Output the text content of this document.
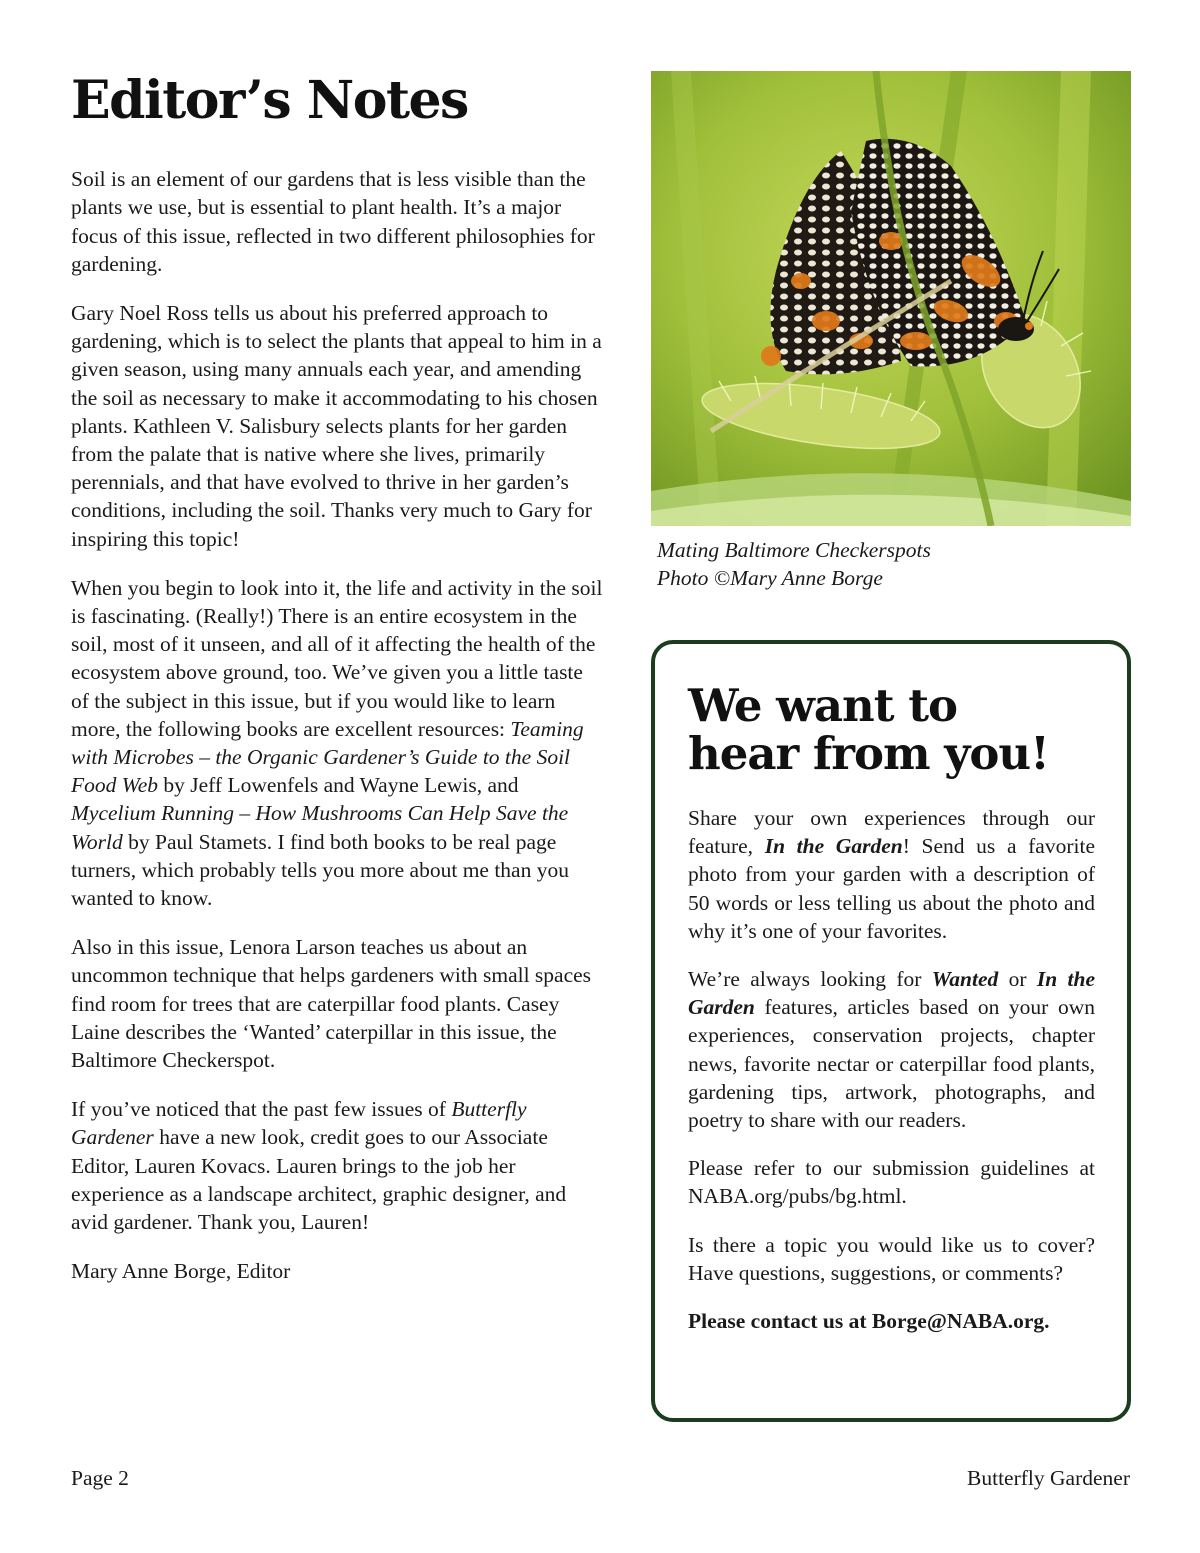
Editor’s Notes

Soil is an element of our gardens that is less visible than the plants we use, but is essential to plant health. It’s a major focus of this issue, reflected in two different philosophies for gardening.

Gary Noel Ross tells us about his preferred approach to gardening, which is to select the plants that appeal to him in a given season, using many annuals each year, and amending the soil as necessary to make it accommodating to his chosen plants. Kathleen V. Salisbury selects plants for her garden from the palate that is native where she lives, primarily perennials, and that have evolved to thrive in her garden’s conditions, including the soil. Thanks very much to Gary for inspiring this topic!

When you begin to look into it, the life and activity in the soil is fascinating. (Really!) There is an entire ecosystem in the soil, most of it unseen, and all of it affecting the health of the ecosystem above ground, too. We’ve given you a little taste of the subject in this issue, but if you would like to learn more, the following books are excellent resources: Teaming with Microbes – the Organic Gardener’s Guide to the Soil Food Web by Jeff Lowenfels and Wayne Lewis, and Mycelium Running – How Mushrooms Can Help Save the World by Paul Stamets. I find both books to be real page turners, which probably tells you more about me than you wanted to know.

Also in this issue, Lenora Larson teaches us about an uncommon technique that helps gardeners with small spaces find room for trees that are caterpillar food plants. Casey Laine describes the ‘Wanted’ caterpillar in this issue, the Baltimore Checkerspot.

If you’ve noticed that the past few issues of Butterfly Gardener have a new look, credit goes to our Associate Editor, Lauren Kovacs. Lauren brings to the job her experience as a landscape architect, graphic designer, and avid gardener. Thank you, Lauren!

Mary Anne Borge, Editor

Mating Baltimore Checkerspots
Photo ©Mary Anne Borge
We want to
hear from you!

Share your own experiences through our feature, In the Garden! Send us a favorite photo from your garden with a description of 50 words or less telling us about the photo and why it’s one of your favorites.

We’re always looking for Wanted or In the Garden features, articles based on your own experiences, conservation projects, chapter news, favorite nectar or caterpillar food plants, gardening tips, artwork, photographs, and poetry to share with our readers.

Please refer to our submission guidelines at NABA.org/pubs/bg.html.

Is there a topic you would like us to cover? Have questions, suggestions, or comments?

Please contact us at Borge@NABA.org.

Page 2	Butterfly Gardener
